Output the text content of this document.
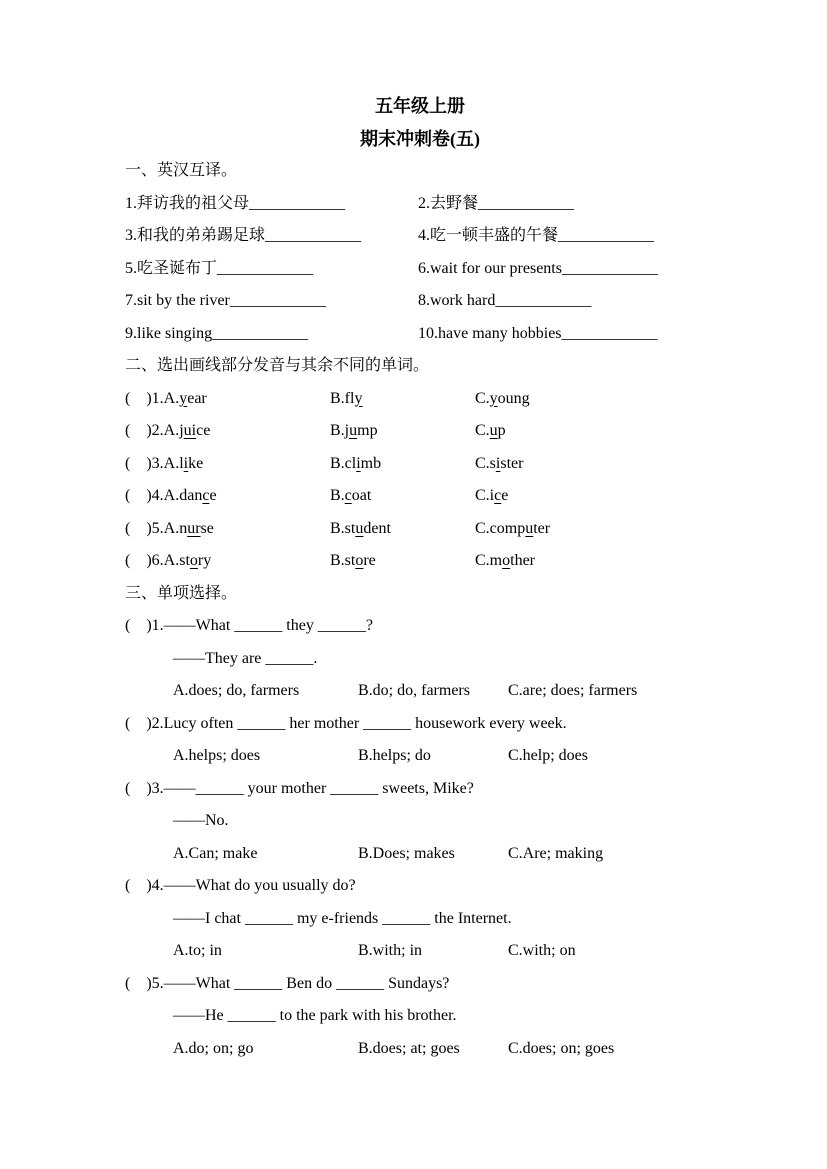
五年级上册
期末冲刺卷(五)
一、英汉互译。
1.拜访我的祖父母____________	2.去野餐____________
3.和我的弟弟踢足球____________	4.吃一顿丰盛的午餐____________
5.吃圣诞布丁____________	6.wait for our presents____________
7.sit by the river____________	8.work hard____________
9.like singing____________	10.have many hobbies____________
二、选出画线部分发音与其余不同的单词。
(    )1.A.year	B.fly	C.young
(    )2.A.juice	B.jump	C.up
(    )3.A.like	B.climb	C.sister
(    )4.A.dance	B.coat	C.ice
(    )5.A.nurse	B.student	C.computer
(    )6.A.story	B.store	C.mother
三、单项选择。
(    )1.——What ______ they ______?
——They are ______.
A.does; do, farmers	B.do; do, farmers	C.are; does; farmers
(    )2.Lucy often ______ her mother ______ housework every week.
A.helps; does	B.helps; do	C.help; does
(    )3.——______ your mother ______ sweets, Mike?
——No.
A.Can; make	B.Does; makes	C.Are; making
(    )4.——What do you usually do?
——I chat ______ my e-friends ______ the Internet.
A.to; in	B.with; in	C.with; on
(    )5.——What ______ Ben do ______ Sundays?
——He ______ to the park with his brother.
A.do; on; go	B.does; at; goes	C.does; on; goes
